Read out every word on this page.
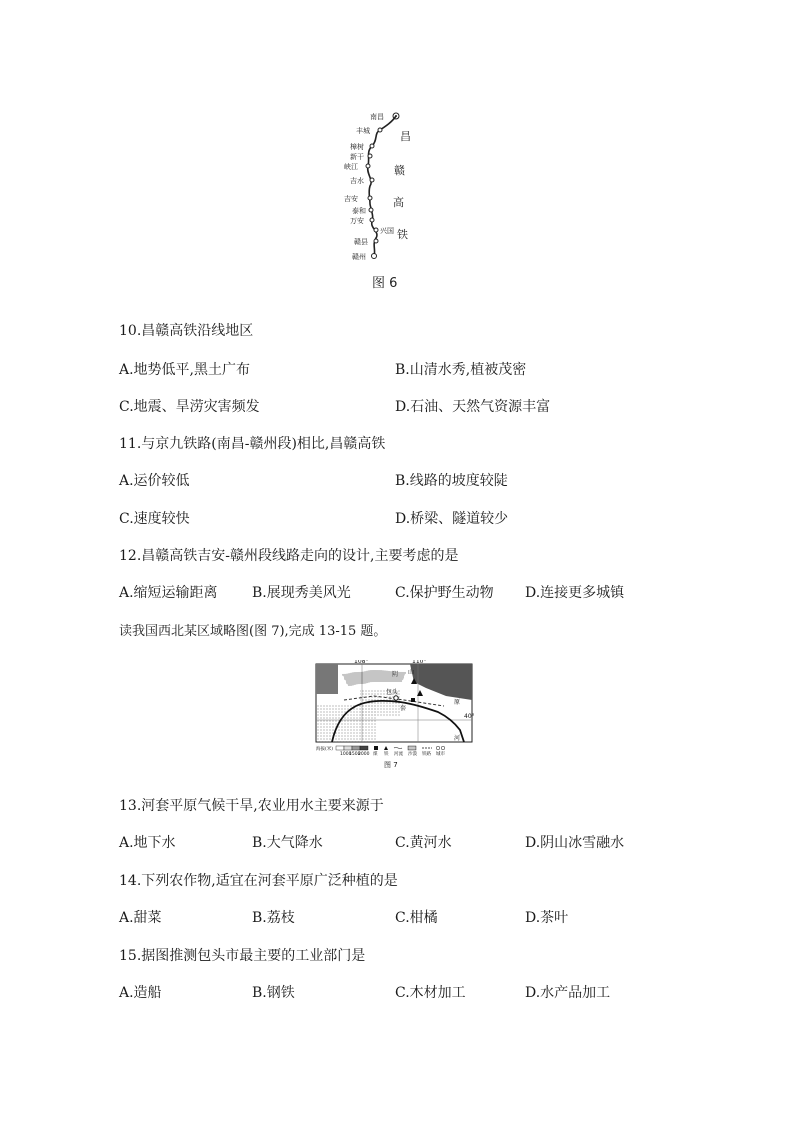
南昌
丰城
樟树
新干
峡江
吉水
吉安
泰和
万安
兴国
赣县
赣州
昌
赣
高
铁
图 6
10.昌赣高铁沿线地区
A.地势低平,黑土广布	B.山清水秀,植被茂密
C.地震、旱涝灾害频发	D.石油、天然气资源丰富
11.与京九铁路(南昌-赣州段)相比,昌赣高铁
A.运价较低	B.线路的坡度较陡
C.速度较快	D.桥梁、隧道较少
12.昌赣高铁吉安-赣州段线路走向的设计,主要考虑的是
A.缩短运输距离 B.展现秀美风光	C.保护野生动物 D.连接更多城镇
读我国西北某区域略图(图 7),完成 13-15 题。
108°	110°
40°
山
包头
阴
河
套
原
海拔(米)
1000
1500
2000 煤 铁 河流 沙漠 铁路 城市
图 7
13.河套平原气候干旱,农业用水主要来源于
A.地下水	B.大气降水	C.黄河水	D.阴山冰雪融水
14.下列农作物,适宜在河套平原广泛种植的是
A.甜菜	B.荔枝	C.柑橘	D.茶叶
15.据图推测包头市最主要的工业部门是
A.造船	B.钢铁	C.木材加工	D.水产品加工
